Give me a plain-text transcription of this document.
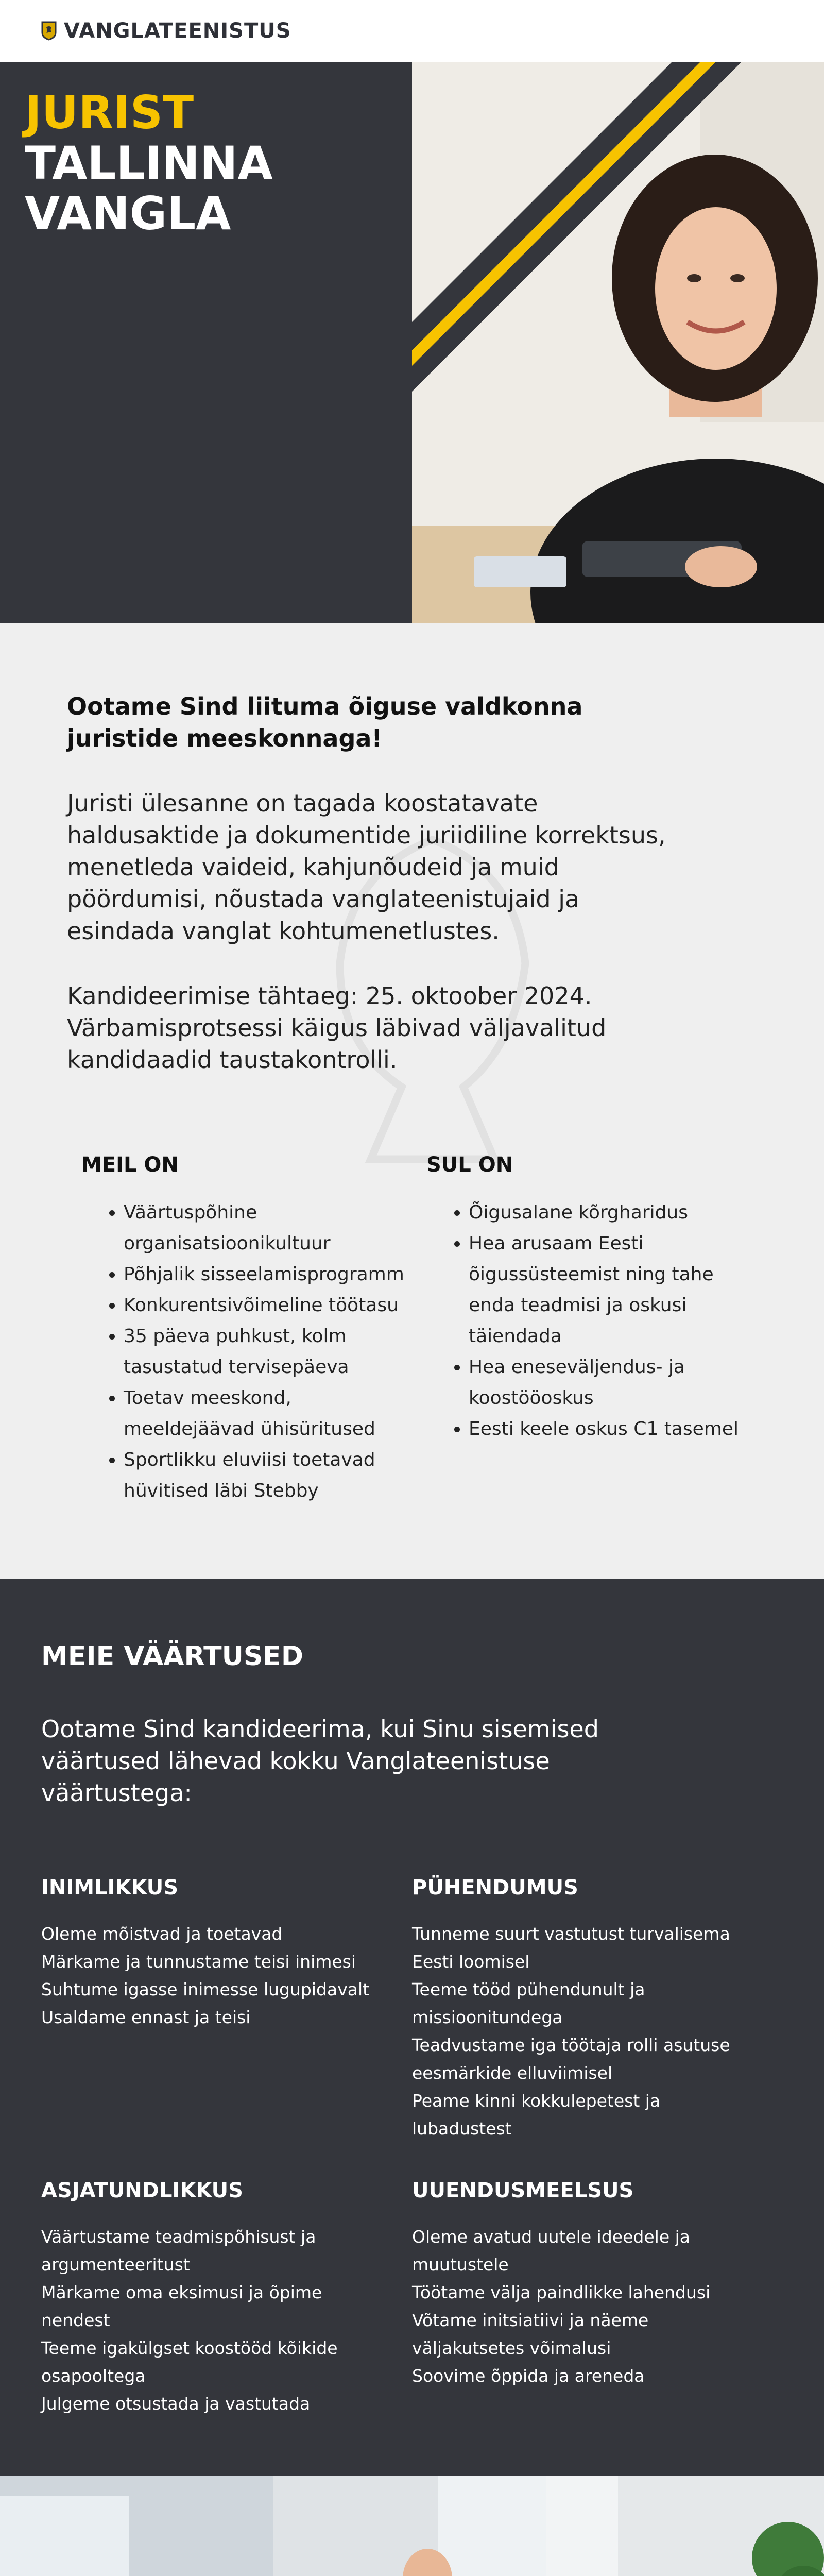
VANGLATEENISTUS
JURIST
TALLINNA
VANGLA
Ootame Sind liituma õiguse valdkonna juristide meeskonnaga!

Juristi ülesanne on tagada koostatavate haldusaktide ja dokumentide juriidiline korrektsus, menetleda vaideid, kahjunõudeid ja muid pöördumisi, nõustada vanglateenistujaid ja esindada vanglat kohtumenetlustes.

Kandideerimise tähtaeg: 25. oktoober 2024. Värbamisprotsessi käigus läbivad väljavalitud kandidaadid taustakontrolli.

MEIL ON
• Väärtuspõhine organisatsioonikultuur
• Põhjalik sisseelamisprogramm
• Konkurentsivõimeline töötasu
• 35 päeva puhkust, kolm tasustatud tervisepäeva
• Toetav meeskond, meeldejäävad ühisüritused
• Sportlikku eluviisi toetavad hüvitised läbi Stebby
SUL ON
• Õigusalane kõrgharidus
• Hea arusaam Eesti õigussüsteemist ning tahe enda teadmisi ja oskusi täiendada
• Hea eneseväljendus- ja koostööoskus
• Eesti keele oskus C1 tasemel
MEIE VÄÄRTUSED
Ootame Sind kandideerima, kui Sinu sisemised väärtused lähevad kokku Vanglateenistuse väärtustega:
INIMLIKKUS
Oleme mõistvad ja toetavad
Märkame ja tunnustame teisi inimesi
Suhtume igasse inimesse lugupidavalt
Usaldame ennast ja teisi
PÜHENDUMUS
Tunneme suurt vastutust turvalisema Eesti loomisel
Teeme tööd pühendunult ja missioonitundega
Teadvustame iga töötaja rolli asutuse eesmärkide elluviimisel
Peame kinni kokkulepetest ja lubadustest
ASJATUNDLIKKUS
Väärtustame teadmispõhisust ja argumenteeritust
Märkame oma eksimusi ja õpime nendest
Teeme igakülgset koostööd kõikide osapooltega
Julgeme otsustada ja vastutada
UUENDUSMEELSUS
Oleme avatud uutele ideedele ja muutustele
Töötame välja paindlikke lahendusi
Võtame initsiatiivi ja näeme väljakutsetes võimalusi
Soovime õppida ja areneda
